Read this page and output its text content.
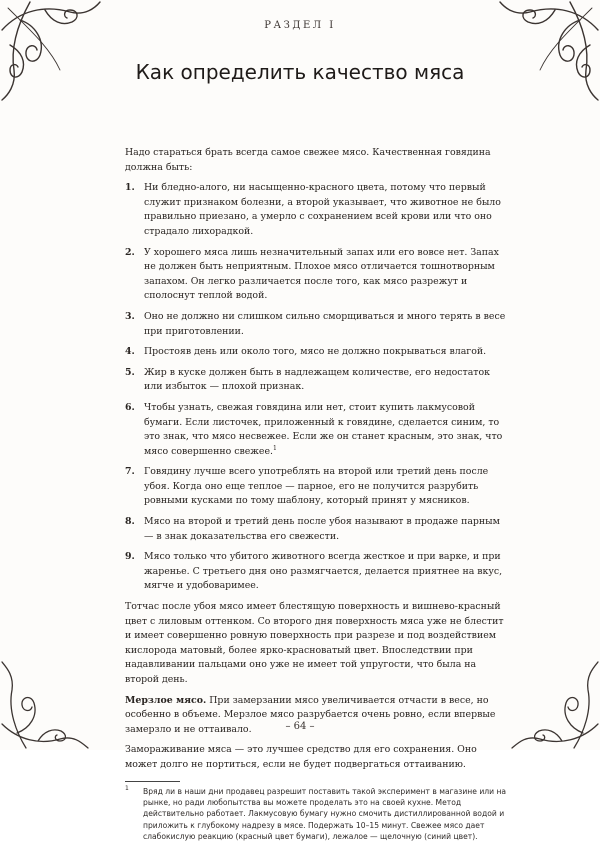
РАЗДЕЛ I
Как определить качество мяса

Надо стараться брать всегда самое свежее мясо. Качественная говядина должна быть:

1. Ни бледно-алого, ни насыщенно-красного цвета, потому что первый служит признаком болезни, а второй указывает, что животное не было правильно приезано, а умерло с сохранением всей крови или что оно страдало лихорадкой.
2. У хорошего мяса лишь незначительный запах или его вовсе нет. Запах не должен быть неприятным. Плохое мясо отличается тошнотворным запахом. Он легко различается после того, как мясо разрежут и сполоснут теплой водой.
3. Оно не должно ни слишком сильно сморщиваться и много терять в весе при приготовлении.
4. Простояв день или около того, мясо не должно покрываться влагой.
5. Жир в куске должен быть в надлежащем количестве, его недостаток или избыток — плохой признак.
6. Чтобы узнать, свежая говядина или нет, стоит купить лакмусовой бумаги. Если листочек, приложенный к говядине, сделается синим, то это знак, что мясо несвежее. Если же он станет красным, это знак, что мясо совершенно свежее.$^1$
7. Говядину лучше всего употреблять на второй или третий день после убоя. Когда оно еще теплое — парное, его не получится разрубить ровными кусками по тому шаблону, который принят у мясников.
8. Мясо на второй и третий день после убоя называют в продаже парным — в знак доказательства его свежести.
9. Мясо только что убитого животного всегда жесткое и при варке, и при жаренье. С третьего дня оно размягчается, делается приятнее на вкус, мягче и удобоваримее.

Тотчас после убоя мясо имеет блестящую поверхность и вишнево-красный цвет с лиловым оттенком. Со второго дня поверхность мяса уже не блестит и имеет совершенно ровную поверхность при разрезе и под воздействием кислорода матовый, более ярко-красноватый цвет. Впоследствии при надавливании пальцами оно уже не имеет той упругости, что была на второй день.

Мерзлое мясо. При замерзании мясо увеличивается отчасти в весе, но особенно в объеме. Мерзлое мясо разрубается очень ровно, если впервые замерзло и не оттаивало.

Замораживание мяса — это лучшее средство для его сохранения. Оно может долго не портиться, если не будет подвергаться оттаиванию.

1	Вряд ли в наши дни продавец разрешит поставить такой эксперимент в магазине или на рынке, но ради любопытства вы можете проделать это на своей кухне. Метод действительно работает. Лакмусовую бумагу нужно смочить дистиллированной водой и приложить к глубокому надрезу в мясе. Подержать 10–15 минут. Свежее мясо дает слабокислую реакцию (красный цвет бумаги), лежалое — щелочную (синий цвет).
– 64 –
